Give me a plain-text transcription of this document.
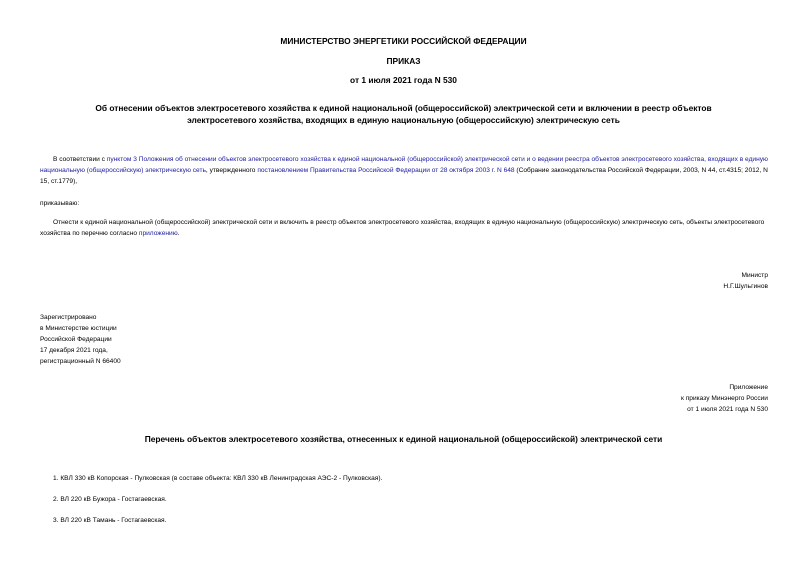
МИНИСТЕРСТВО ЭНЕРГЕТИКИ РОССИЙСКОЙ ФЕДЕРАЦИИ
ПРИКАЗ
от 1 июля 2021 года N 530
Об отнесении объектов электросетевого хозяйства к единой национальной (общероссийской) электрической сети и включении в реестр объектов
электросетевого хозяйства, входящих в единую национальную (общероссийскую) электрическую сеть
В соответствии с пунктом 3 Положения об отнесении объектов электросетевого хозяйства к единой национальной (общероссийской) электрической сети и о ведении реестра объектов электросетевого хозяйства, входящих в единую национальную (общероссийскую) электрическую сеть, утвержденного постановлением Правительства Российской Федерации от 28 октября 2003 г. N 648 (Собрание законодательства Российской Федерации, 2003, N 44, ст.4315; 2012, N 15, ст.1779),
приказываю:
Отнести к единой национальной (общероссийской) электрической сети и включить в реестр объектов электросетевого хозяйства, входящих в единую национальную (общероссийскую) электрическую сеть, объекты электросетевого хозяйства по перечню согласно приложению.
Министр
Н.Г.Шульгинов
Зарегистрировано
в Министерстве юстиции
Российской Федерации
17 декабря 2021 года,
регистрационный N 66400
Приложение
к приказу Минэнерго России
от 1 июля 2021 года N 530
Перечень объектов электросетевого хозяйства, отнесенных к единой национальной (общероссийской) электрической сети
1. КВЛ 330 кВ Копорская - Пулковская (в составе объекта: КВЛ 330 кВ Ленинградская АЭС-2 - Пулковская).
2. ВЛ 220 кВ Бужора - Гостагаевская.
3. ВЛ 220 кВ Тамань - Гостагаевская.
